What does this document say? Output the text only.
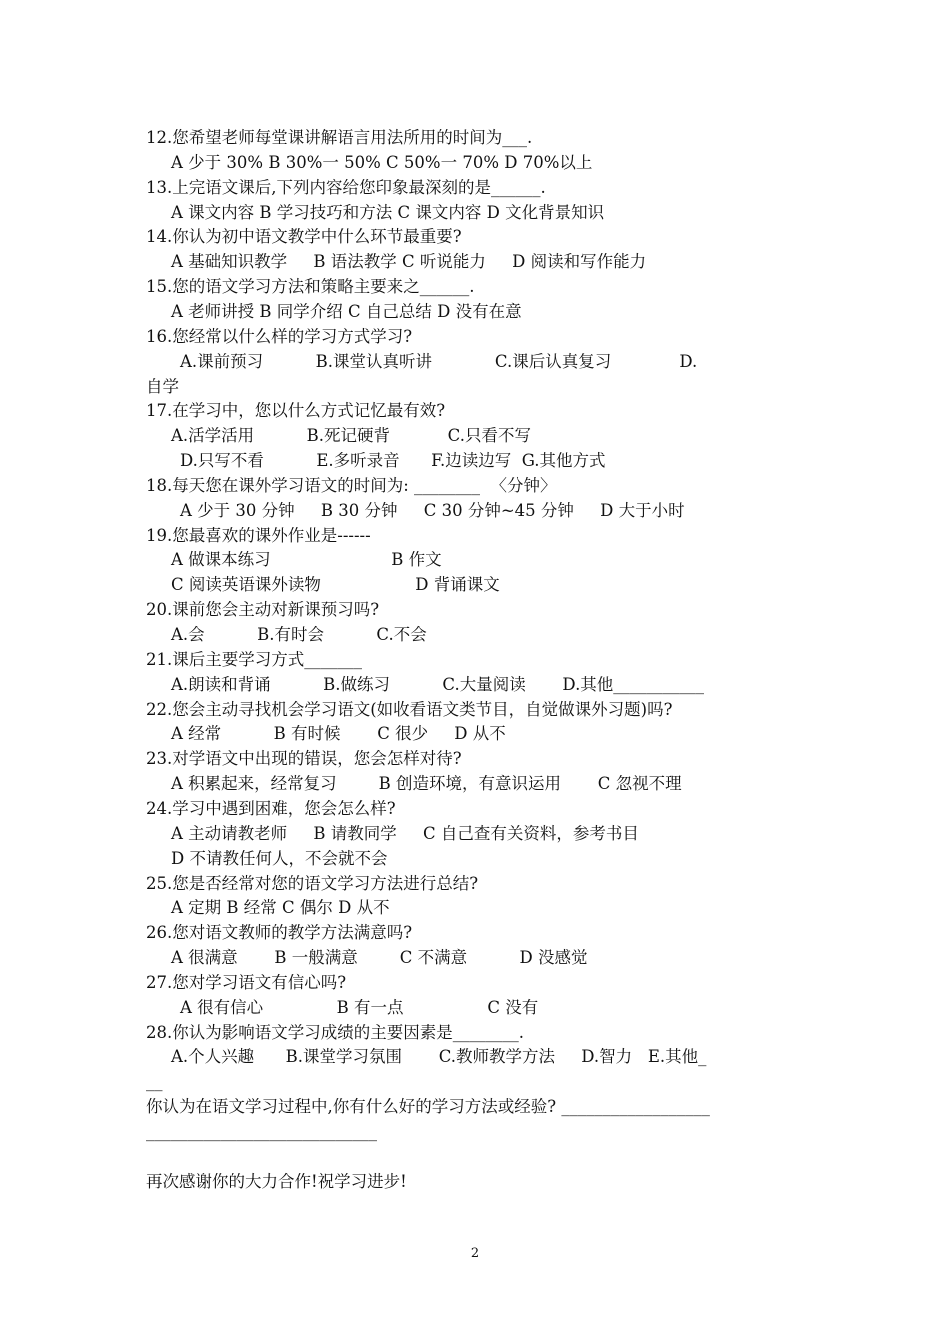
12.您希望老师每堂课讲解语言用法所用的时间为___.
A 少于 30% B 30%一 50% C 50%一 70% D 70%以上
13.上完语文课后,下列内容给您印象最深刻的是______.
A 课文内容 B 学习技巧和方法 C 课文内容 D 文化背景知识
14.你认为初中语文教学中什么环节最重要?
A 基础知识教学     B 语法教学 C 听说能力     D 阅读和写作能力
15.您的语文学习方法和策略主要来之______.
A 老师讲授 B 同学介绍 C 自己总结 D 没有在意
16.您经常以什么样的学习方式学习?
A.课前预习          B.课堂认真听讲            C.课后认真复习             D.
自学
17.在学习中，您以什么方式记忆最有效?
A.活学活用          B.死记硬背           C.只看不写
D.只写不看          E.多听录音      F.边读边写  G.其他方式
18.每天您在课外学习语文的时间为: ________  〈分钟〉
A 少于 30 分钟     B 30 分钟     C 30 分钟~45 分钟     D 大于小时
19.您最喜欢的课外作业是------
A 做课本练习                       B 作文
C 阅读英语课外读物                  D 背诵课文
20.课前您会主动对新课预习吗?
A.会          B.有时会          C.不会
21.课后主要学习方式_______
A.朗读和背诵          B.做练习          C.大量阅读       D.其他___________
22.您会主动寻找机会学习语文(如收看语文类节目，自觉做课外习题)吗?
A 经常          B 有时候       C 很少     D 从不
23.对学语文中出现的错误，您会怎样对待?
A 积累起来，经常复习        B 创造环境，有意识运用       C 忽视不理
24.学习中遇到困难，您会怎么样?
A 主动请教老师     B 请教同学     C 自己查有关资料，参考书目
D 不请教任何人，不会就不会
25.您是否经常对您的语文学习方法进行总结?
A 定期 B 经常 C 偶尔 D 从不
26.您对语文教师的教学方法满意吗?
A 很满意       B 一般满意        C 不满意          D 没感觉
27.您对学习语文有信心吗?
A 很有信心              B 有一点                C 没有
28.你认为影响语文学习成绩的主要因素是________.
A.个人兴趣      B.课堂学习氛围       C.教师教学方法     D.智力   E.其他_
__
你认为在语文学习过程中,你有什么好的学习方法或经验? __________________
____________________________
再次感谢你的大力合作!祝学习进步!
2
